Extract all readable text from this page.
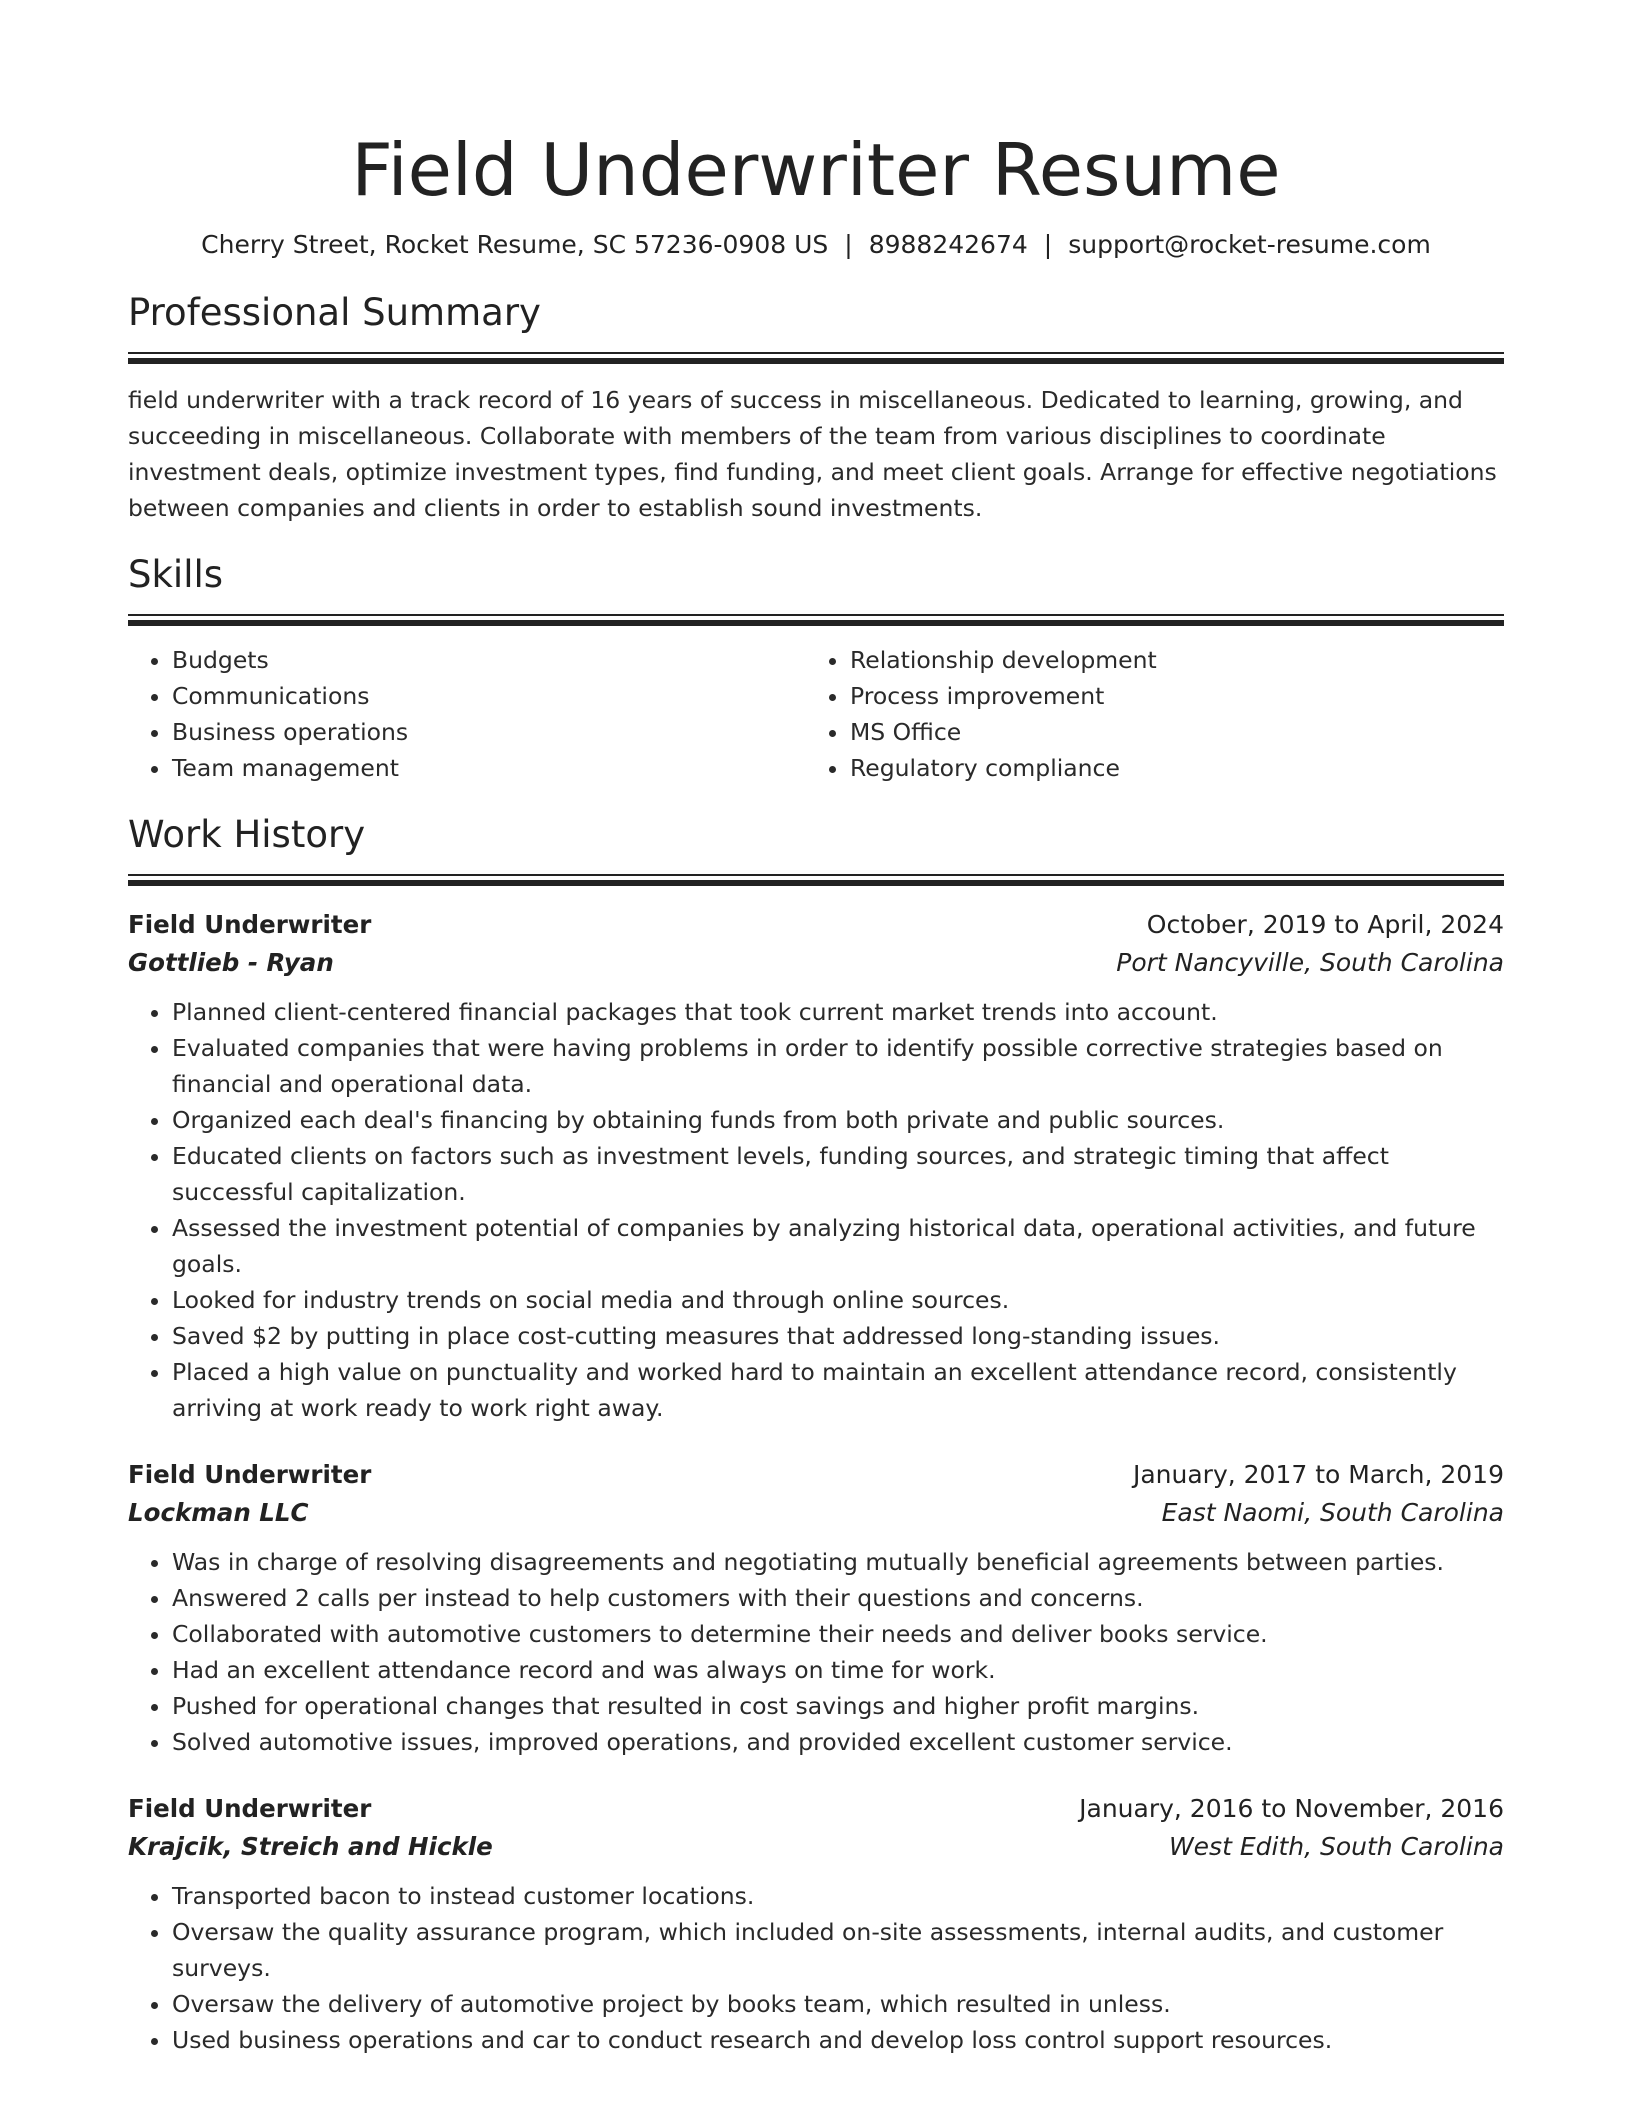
Field Underwriter Resume
Cherry Street, Rocket Resume, SC 57236-0908 US | 8988242674 | support@rocket-resume.com
Professional Summary

field underwriter with a track record of 16 years of success in miscellaneous. Dedicated to learning, growing, and succeeding in miscellaneous. Collaborate with members of the team from various disciplines to coordinate investment deals, optimize investment types, find funding, and meet client goals. Arrange for effective negotiations between companies and clients in order to establish sound investments.

Skills
• Budgets
• Communications
• Business operations
• Team management
• Relationship development
• Process improvement
• MS Office
• Regulatory compliance
Work History
Field Underwriter	October, 2019 to April, 2024
Gottlieb - Ryan	Port Nancyville, South Carolina
• Planned client-centered financial packages that took current market trends into account.
• Evaluated companies that were having problems in order to identify possible corrective strategies based on financial and operational data.
• Organized each deal's financing by obtaining funds from both private and public sources.
• Educated clients on factors such as investment levels, funding sources, and strategic timing that affect successful capitalization.
• Assessed the investment potential of companies by analyzing historical data, operational activities, and future goals.
• Looked for industry trends on social media and through online sources.
• Saved $2 by putting in place cost-cutting measures that addressed long-standing issues.
• Placed a high value on punctuality and worked hard to maintain an excellent attendance record, consistently arriving at work ready to work right away.
Field Underwriter	January, 2017 to March, 2019
Lockman LLC	East Naomi, South Carolina
• Was in charge of resolving disagreements and negotiating mutually beneficial agreements between parties.
• Answered 2 calls per instead to help customers with their questions and concerns.
• Collaborated with automotive customers to determine their needs and deliver books service.
• Had an excellent attendance record and was always on time for work.
• Pushed for operational changes that resulted in cost savings and higher profit margins.
• Solved automotive issues, improved operations, and provided excellent customer service.
Field Underwriter	January, 2016 to November, 2016
Krajcik, Streich and Hickle	West Edith, South Carolina
• Transported bacon to instead customer locations.
• Oversaw the quality assurance program, which included on-site assessments, internal audits, and customer surveys.
• Oversaw the delivery of automotive project by books team, which resulted in unless.
• Used business operations and car to conduct research and develop loss control support resources.
